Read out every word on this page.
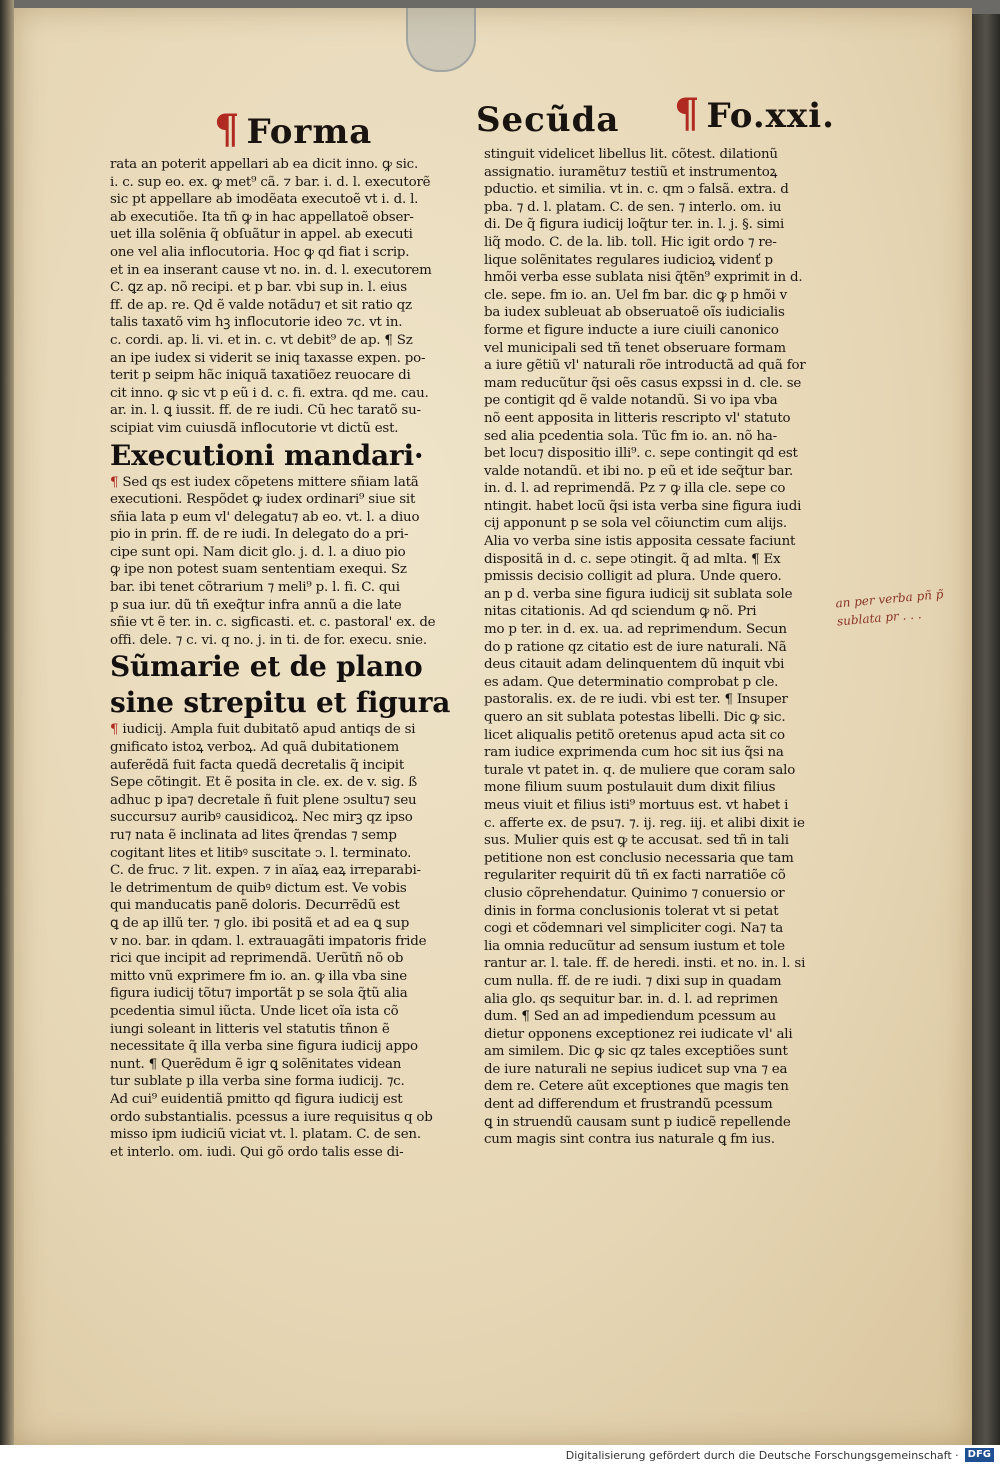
¶ Forma	Secũda ¶ Fo.xxi.
rata an poterit appellari ab ea dicit inno. ꝙ sic.
i. c. sup eo. ex. ꝙ met⁹ cã. ⁊ bar. i. d. l. executorẽ
sic pt appellare ab imodẽata executoẽ vt i. d. l.
ab executiõe. Ita tñ ꝙ in hac appellatoẽ obser-
uet illa solẽnia q̃ obſuãtur in appel. ab executi
one vel alia inflocutoria. Hoc ꝙ qd fiat i scrip.
et in ea inserant cause vt no. in. d. l. executorem
C. ꝗz ap. nõ recipi. et p bar. vbi sup in. l. eius
ff. de ap. re. Qd ẽ valde notãdu⁊ et sit ratio qz
talis taxatõ vim hꝫ inflocutorie ideo ⁊c. vt in.
c. cordi. ap. li. vi. et in. c. vt debit⁹ de ap. ¶ Sz
an ipe iudex si viderit se iniq taxasse expen. po-
terit p seipm hãc iniquã taxatiõez reuocare di
cit inno. ꝙ sic vt p eũ i d. c. fi. extra. qd me. cau.
ar. in. l. ꝗ iussit. ff. de re iudi. Cũ hec taratõ su-
scipiat vim cuiusdã inflocutorie vt dictũ est.
Executioni mandari·
¶ Sed qs est iudex cõpetens mittere sñiam latã
executioni. Respõdet ꝙ iudex ordinari⁹ siue sit
sñia lata p eum vl' delegatu⁊ ab eo. vt. l. a diuo
pio in prin. ff. de re iudi. In delegato do a pri-
cipe sunt opi. Nam dicit glo. j. d. l. a diuo pio
ꝙ ipe non potest suam sententiam exequi. Sz
bar. ibi tenet cõtrarium ⁊ meli⁹ p. l. fi. C. qui
p sua iur. dũ tñ exeq̃tur infra annũ a die late
sñie vt ẽ ter. in. c. sigficasti. et. c. pastoral' ex. de
offi. dele. ⁊ c. vi. q no. j. in ti. de for. execu. snie.
Sũmarie et de plano
sine strepitu et figura
¶ iudicij. Ampla fuit dubitatõ apud antiqs de si
gnificato istoꝝ verboꝝ. Ad quã dubitationem
auferẽdã fuit facta quedã decretalis q̃ incipit
Sepe cõtingit. Et ẽ posita in cle. ex. de v. sig. ß
adhuc p ipa⁊ decretale ñ fuit plene ↄsultu⁊ seu
succursu⁊ auribꝰ causidicoꝝ. Nec mirꝫ qz ipso
ru⁊ nata ẽ inclinata ad lites q̃rendas ⁊ semp
cogitant lites et litibꝰ suscitate ↄ. l. terminato.
C. de fruc. ⁊ lit. expen. ⁊ in aïaꝝ eaꝝ irreparabi-
le detrimentum de quibꝰ dictum est. Ve vobis
qui manducatis panẽ doloris. Decurrẽdũ est
ꝗ de ap illũ ter. ⁊ glo. ibi positã et ad ea ꝗ sup
v no. bar. in qdam. l. extrauagãti impatoris fride
rici que incipit ad reprimendã. Uerũtñ nõ ob
mitto vnũ exprimere fm io. an. ꝙ illa vba sine
figura iudicij tõtu⁊ importãt p se sola q̃tũ alia
pcedentia simul iũcta. Unde licet oĩa ista cõ
iungi soleant in litteris vel statutis tñnon ẽ
necessitate q̃ illa verba sine figura iudicij appo
nunt. ¶ Querẽdum ẽ igr ꝗ solẽnitates videan
tur sublate p illa verba sine forma iudicij. ⁊c.
Ad cui⁹ euidentiã pmitto qd figura iudicij est
ordo substantialis. pcessus a iure requisitus q ob
misso ipm iudiciũ viciat vt. l. platam. C. de sen.
et interlo. om. iudi. Qui gõ ordo talis esse di-
stinguit videlicet libellus lit. cõtest. dilationũ
assignatio. iuramẽtu⁊ testiũ et instrumentoꝝ
pductio. et similia. vt in. c. qm ↄ falsã. extra. d
pba. ⁊ d. l. platam. C. de sen. ⁊ interlo. om. iu
di. De q̃ figura iudicij loq̃tur ter. in. l. j. §. simi
liq̃ modo. C. de la. lib. toll. Hic igit ordo ⁊ re-
lique solẽnitates regulares iudicioꝝ videnť p
hmõi verba esse sublata nisi q̃tẽn⁹ exprimit in d.
cle. sepe. fm io. an. Uel fm bar. dic ꝙ p hmõi v
ba iudex subleuat ab obseruatoẽ oĩs iudicialis
forme et figure inducte a iure ciuili canonico
vel municipali sed tñ tenet obseruare formam
a iure gẽtiũ vl' naturali rõe introductã ad quã for
mam reducũtur q̃si oẽs casus expssi in d. cle. se
pe contigit qd ẽ valde notandũ. Si vo ipa vba
nõ eent apposita in litteris rescripto vl' statuto
sed alia pcedentia sola. Tũc fm io. an. nõ ha-
bet locu⁊ dispositio illi⁹. c. sepe contingit qd est
valde notandũ. et ibi no. p eũ et ide seq̃tur bar.
in. d. l. ad reprimendã. Pz ⁊ ꝙ illa cle. sepe co
ntingit. habet locũ q̃si ista verba sine figura iudi
cij apponunt p se sola vel cõiunctim cum alijs.
Alia vo verba sine istis apposita cessate faciunt
dispositã in d. c. sepe ↄtingit. q̃ ad mlta. ¶ Ex
pmissis decisio colligit ad plura. Unde quero.
an p d. verba sine figura iudicij sit sublata sole
nitas citationis. Ad qd sciendum ꝙ nõ. Pri
mo p ter. in d. ex. ua. ad reprimendum. Secun
do p ratione qz citatio est de iure naturali. Nã
deus citauit adam delinquentem dũ inquit vbi
es adam. Que determinatio comprobat p cle.
pastoralis. ex. de re iudi. vbi est ter. ¶ Insuper
quero an sit sublata potestas libelli. Dic ꝙ sic.
licet aliqualis petitõ oretenus apud acta sit co
ram iudice exprimenda cum hoc sit ius q̃si na
turale vt patet in. q. de muliere que coram salo
mone filium suum postulauit dum dixit filius
meus viuit et filius isti⁹ mortuus est. vt habet i
c. afferte ex. de psu⁊. ⁊. ij. reg. iij. et alibi dixit ie
sus. Mulier quis est ꝙ te accusat. sed tñ in tali
petitione non est conclusio necessaria que tam
regulariter requirit dũ tñ ex facti narratiõe cõ
clusio cõprehendatur. Quinimo ⁊ conuersio or
dinis in forma conclusionis tolerat vt si petat
cogi et cõdemnari vel simpliciter cogi. Na⁊ ta
lia omnia reducũtur ad sensum iustum et tole
rantur ar. l. tale. ff. de heredi. insti. et no. in. l. si
cum nulla. ff. de re iudi. ⁊ dixi sup in quadam
alia glo. qs sequitur bar. in. d. l. ad reprimen
dum. ¶ Sed an ad impediendum pcessum au
dietur opponens exceptionez rei iudicate vl' ali
am similem. Dic ꝙ sic qz tales exceptiões sunt
de iure naturali ne sepius iudicet sup vna ⁊ ea
dem re. Cetere aũt exceptiones que magis ten
dent ad differendum et frustrandũ pcessum
ꝗ in struendũ causam sunt p iudicẽ repellende
cum magis sint contra ius naturale ꝗ fm ius.
an per verba pñ p̃ sublata pr . . .
Digitalisierung gefördert durch die Deutsche Forschungsgemeinschaft · DFG
